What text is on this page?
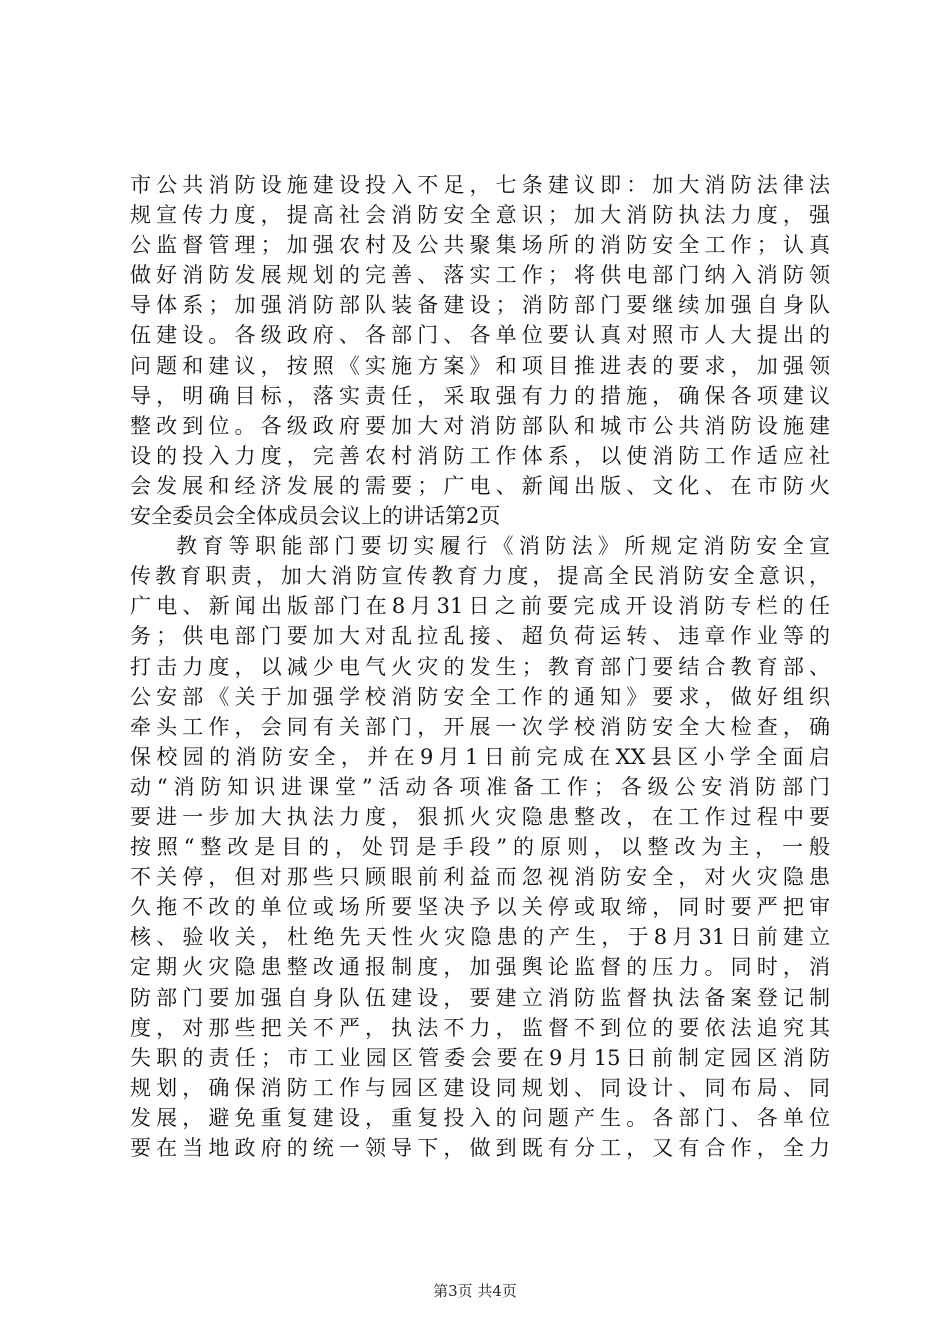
市公共消防设施建设投入不足，七条建议即：加大消防法律法
规宣传力度，提高社会消防安全意识；加大消防执法力度，强
公监督管理；加强农村及公共聚集场所的消防安全工作；认真
做好消防发展规划的完善、落实工作；将供电部门纳入消防领
导体系；加强消防部队装备建设；消防部门要继续加强自身队
伍建设。各级政府、各部门、各单位要认真对照市人大提出的
问题和建议，按照《实施方案》和项目推进表的要求，加强领
导，明确目标，落实责任，采取强有力的措施，确保各项建议
整改到位。各级政府要加大对消防部队和城市公共消防设施建
设的投入力度，完善农村消防工作体系，以使消防工作适应社
会发展和经济发展的需要；广电、新闻出版、文化、在市防火
安全委员会全体成员会议上的讲话第2页
教育等职能部门要切实履行《消防法》所规定消防安全宣
传教育职责，加大消防宣传教育力度，提高全民消防安全意识，
广电、新闻出版部门在8月31日之前要完成开设消防专栏的任
务；供电部门要加大对乱拉乱接、超负荷运转、违章作业等的
打击力度，以减少电气火灾的发生；教育部门要结合教育部、
公安部《关于加强学校消防安全工作的通知》要求，做好组织
牵头工作，会同有关部门，开展一次学校消防安全大检查，确
保校园的消防安全，并在9月1日前完成在XX县区小学全面启
动“消防知识进课堂”活动各项准备工作；各级公安消防部门
要进一步加大执法力度，狠抓火灾隐患整改，在工作过程中要
按照“整改是目的，处罚是手段”的原则，以整改为主，一般
不关停，但对那些只顾眼前利益而忽视消防安全，对火灾隐患
久拖不改的单位或场所要坚决予以关停或取缔，同时要严把审
核、验收关，杜绝先天性火灾隐患的产生，于8月31日前建立
定期火灾隐患整改通报制度，加强舆论监督的压力。同时，消
防部门要加强自身队伍建设，要建立消防监督执法备案登记制
度，对那些把关不严，执法不力，监督不到位的要依法追究其
失职的责任；市工业园区管委会要在9月15日前制定园区消防
规划，确保消防工作与园区建设同规划、同设计、同布局、同
发展，避免重复建设，重复投入的问题产生。各部门、各单位
要在当地政府的统一领导下，做到既有分工，又有合作，全力
第3页 共4页
